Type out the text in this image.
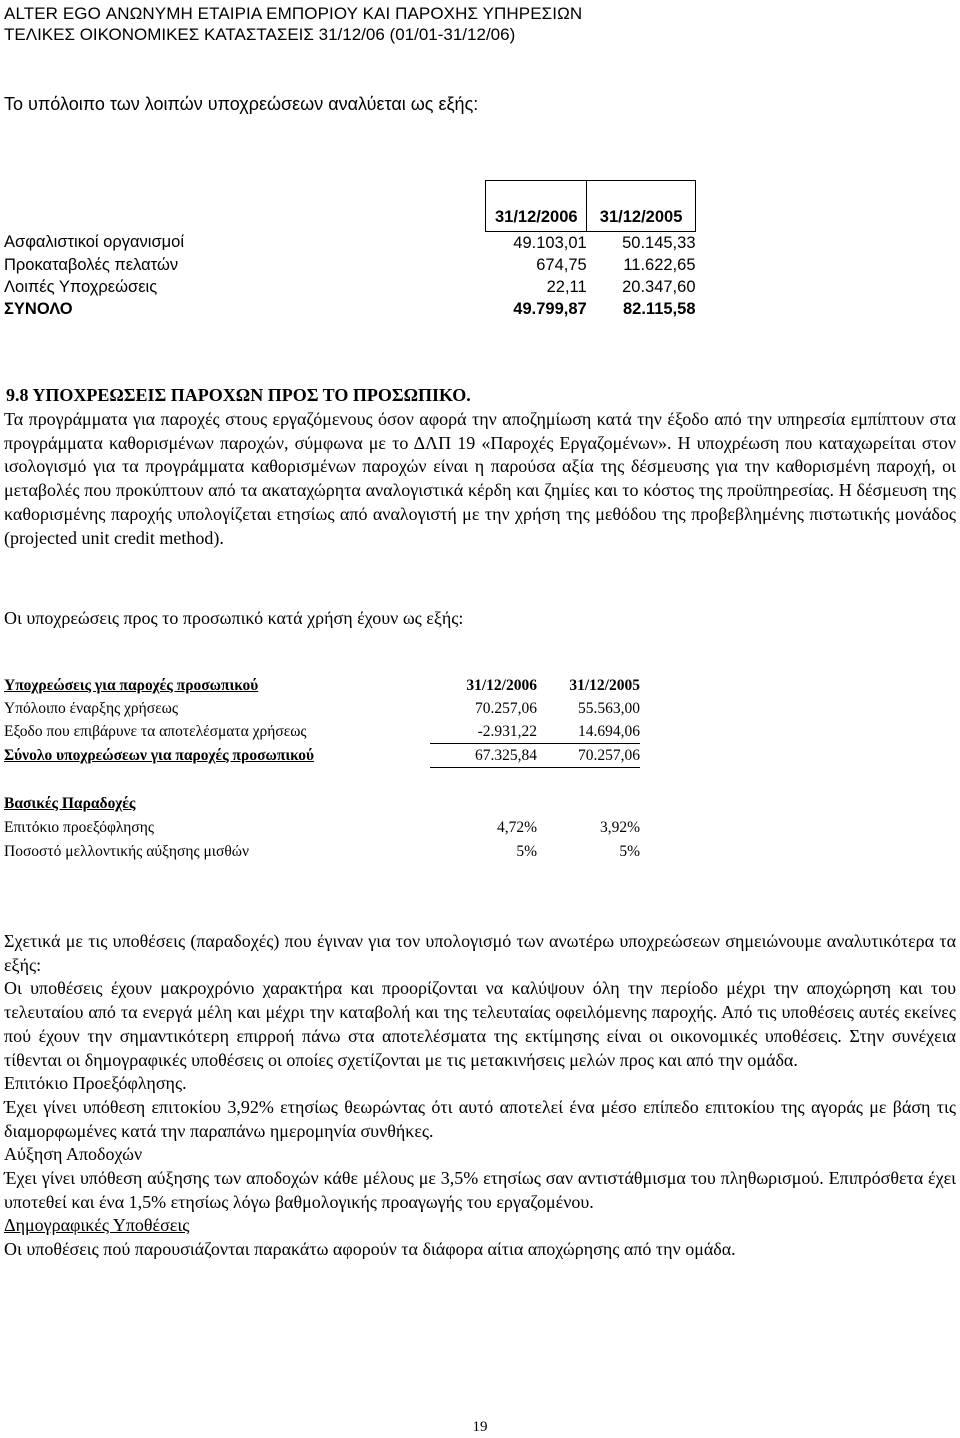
ALTER EGO ΑΝΩΝΥΜΗ ΕΤΑΙΡΙΑ ΕΜΠΟΡΙΟΥ ΚΑΙ ΠΑΡΟΧΗΣ ΥΠΗΡΕΣΙΩΝ
ΤΕΛΙΚΕΣ ΟΙΚΟΝΟΜΙΚΕΣ ΚΑΤΑΣΤΑΣΕΙΣ 31/12/06 (01/01-31/12/06)
Το υπόλοιπο των λοιπών υποχρεώσεων αναλύεται ως εξής:
	31/12/2006	31/12/2005
Ασφαλιστικοί οργανισμοί	49.103,01	50.145,33
Προκαταβολές πελατών	674,75	11.622,65
Λοιπές Υποχρεώσεις	22,11	20.347,60
ΣΥΝΟΛΟ	49.799,87	82.115,58
9.8 ΥΠΟΧΡΕΩΣΕΙΣ ΠΑΡΟΧΩΝ ΠΡΟΣ ΤΟ ΠΡΟΣΩΠΙΚΟ.
Τα προγράμματα για παροχές στους εργαζόμενους όσον αφορά την αποζημίωση κατά την έξοδο από την υπηρεσία εμπίπτουν στα προγράμματα καθορισμένων παροχών, σύμφωνα με το ΔΛΠ 19 «Παροχές Εργαζομένων». Η υποχρέωση που καταχωρείται στον ισολογισμό για τα προγράμματα καθορισμένων παροχών είναι η παρούσα αξία της δέσμευσης για την καθορισμένη παροχή, οι μεταβολές που προκύπτουν από τα ακαταχώρητα αναλογιστικά κέρδη και ζημίες και το κόστος της προϋπηρεσίας. Η δέσμευση της καθορισμένης παροχής υπολογίζεται ετησίως από αναλογιστή με την χρήση της μεθόδου της προβεβλημένης πιστωτικής μονάδος (projected unit credit method).
Οι υποχρεώσεις προς το προσωπικό κατά χρήση έχουν ως εξής:
Υποχρεώσεις για παροχές προσωπικού	31/12/2006	31/12/2005
Υπόλοιπο έναρξης χρήσεως	70.257,06	55.563,00
Εξοδο που επιβάρυνε τα αποτελέσματα χρήσεως	-2.931,22	14.694,06
Σύνολο υποχρεώσεων για παροχές προσωπικού	67.325,84	70.257,06
Βασικές Παραδοχές		
Επιτόκιο προεξόφλησης	4,72%	3,92%
Ποσοστό μελλοντικής αύξησης μισθών	5%	5%
Σχετικά με τις υποθέσεις (παραδοχές) που έγιναν για τον υπολογισμό των ανωτέρω υποχρεώσεων σημειώνουμε αναλυτικότερα τα εξής:
Οι υποθέσεις έχουν μακροχρόνιο χαρακτήρα και προορίζονται να καλύψουν όλη την περίοδο μέχρι την αποχώρηση και του τελευταίου από τα ενεργά μέλη και μέχρι την καταβολή και της τελευταίας οφειλόμενης παροχής. Από τις υποθέσεις αυτές εκείνες πού έχουν την σημαντικότερη επιρροή πάνω στα αποτελέσματα της εκτίμησης είναι οι οικονομικές υποθέσεις. Στην συνέχεια τίθενται οι δημογραφικές υποθέσεις οι οποίες σχετίζονται με τις μετακινήσεις μελών προς και από την ομάδα.
Επιτόκιο Προεξόφλησης.
Έχει γίνει υπόθεση επιτοκίου 3,92% ετησίως θεωρώντας ότι αυτό αποτελεί ένα μέσο επίπεδο επιτοκίου της αγοράς με βάση τις διαμορφωμένες κατά την παραπάνω ημερομηνία συνθήκες.
Αύξηση Αποδοχών
Έχει γίνει υπόθεση αύξησης των αποδοχών κάθε μέλους με 3,5% ετησίως σαν αντιστάθμισμα του πληθωρισμού. Επιπρόσθετα έχει υποτεθεί και ένα 1,5% ετησίως λόγω βαθμολογικής προαγωγής του εργαζομένου.
Δημογραφικές Υποθέσεις
Οι υποθέσεις πού παρουσιάζονται παρακάτω αφορούν τα διάφορα αίτια αποχώρησης από την ομάδα.
19
